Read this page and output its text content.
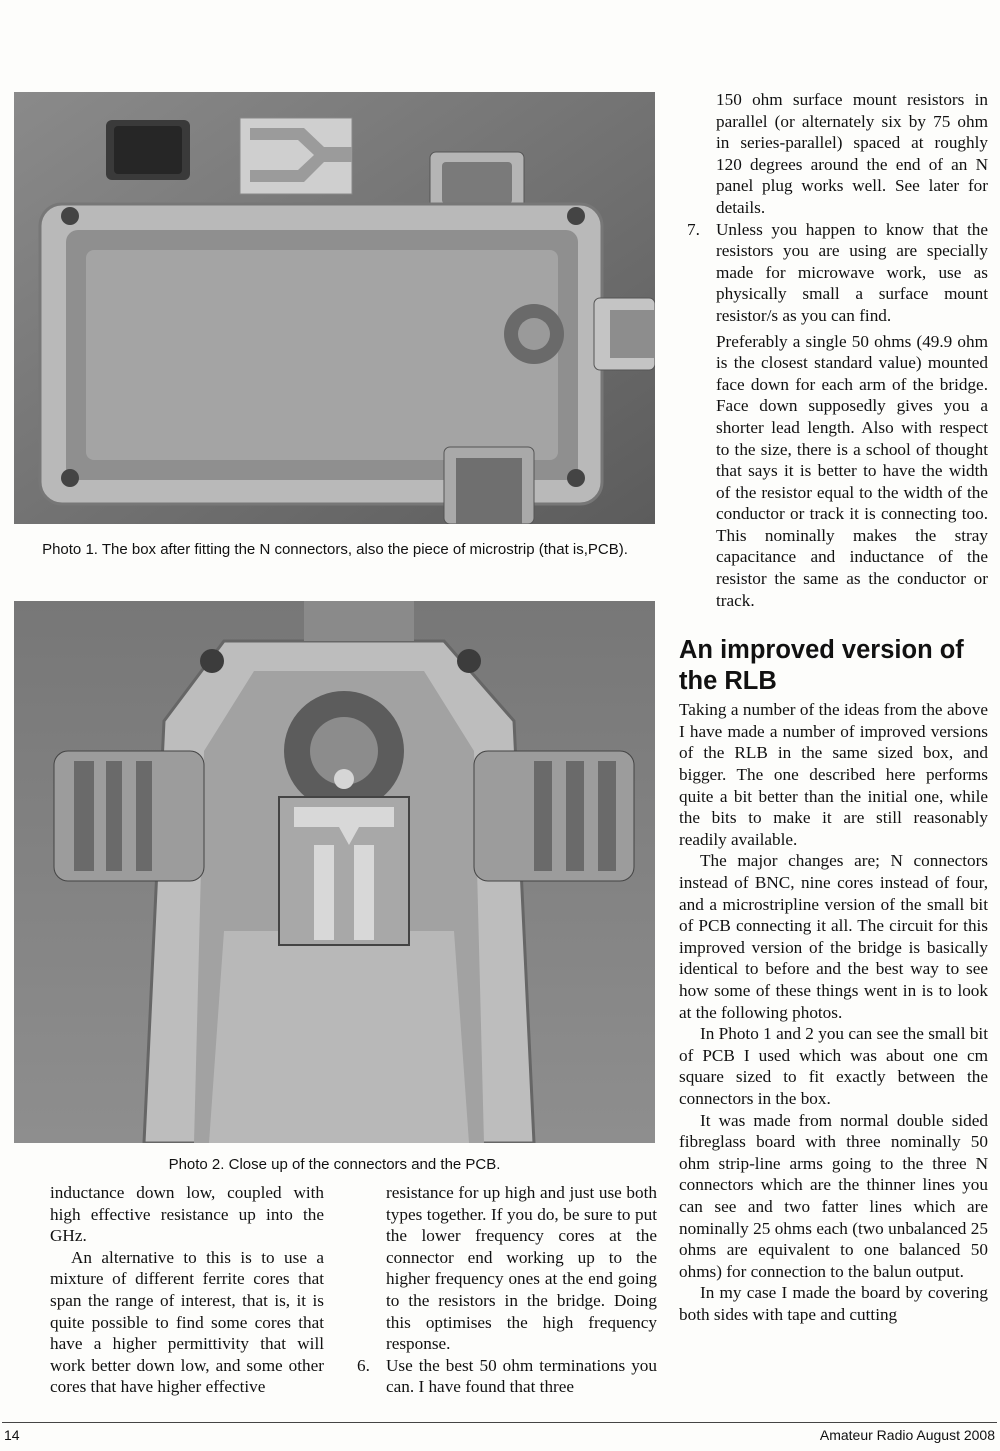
Photo 1. The box after fitting the N connectors, also the piece of microstrip (that is,PCB).
Photo 2. Close up of the connectors and the PCB.

inductance down low, coupled with high effective resistance up into the GHz.

An alternative to this is to use a mixture of different ferrite cores that span the range of interest, that is, it is quite possible to find some cores that have a higher permittivity that will work better down low, and some other cores that have higher effective

resistance for up high and just use both types together. If you do, be sure to put the lower frequency cores at the connector end working up to the higher frequency ones at the end going to the resistors in the bridge. Doing this optimises the high frequency response.

6. Use the best 50 ohm terminations you can. I have found that three

150 ohm surface mount resistors in parallel (or alternately six by 75 ohm in series-parallel) spaced at roughly 120 degrees around the end of an N panel plug works well. See later for details.

7. Unless you happen to know that the resistors you are using are specially made for microwave work, use as physically small a surface mount resistor/s as you can find.

Preferably a single 50 ohms (49.9 ohm is the closest standard value) mounted face down for each arm of the bridge. Face down supposedly gives you a shorter lead length. Also with respect to the size, there is a school of thought that says it is better to have the width of the resistor equal to the width of the conductor or track it is connecting too. This nominally makes the stray capacitance and inductance of the resistor the same as the conductor or track.

An improved version of the RLB

Taking a number of the ideas from the above I have made a number of improved versions of the RLB in the same sized box, and bigger. The one described here performs quite a bit better than the initial one, while the bits to make it are still reasonably readily available.

The major changes are; N connectors instead of BNC, nine cores instead of four, and a microstripline version of the small bit of PCB connecting it all. The circuit for this improved version of the bridge is basically identical to before and the best way to see how some of these things went in is to look at the following photos.

In Photo 1 and 2 you can see the small bit of PCB I used which was about one cm square sized to fit exactly between the connectors in the box.

It was made from normal double sided fibreglass board with three nominally 50 ohm strip-line arms going to the three N connectors which are the thinner lines you can see and two fatter lines which are nominally 25 ohms each (two unbalanced 25 ohms are equivalent to one balanced 50 ohms) for connection to the balun output.

In my case I made the board by covering both sides with tape and cutting

14	Amateur Radio August 2008
